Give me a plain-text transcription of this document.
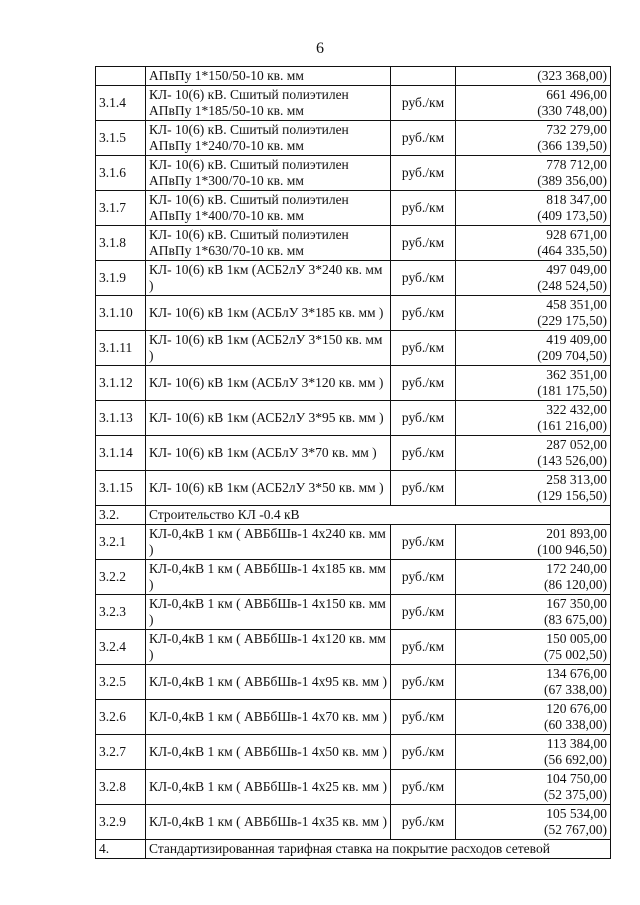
6
	АПвПу 1*150/50-10 кв. мм		(323 368,00)

3.1.4	КЛ- 10(6) кВ. Сшитый полиэтилен АПвПу 1*185/50-10 кв. мм	руб./км	661 496,00
(330 748,00)

3.1.5	КЛ- 10(6) кВ. Сшитый полиэтилен АПвПу 1*240/70-10 кв. мм	руб./км	732 279,00
(366 139,50)

3.1.6	КЛ- 10(6) кВ. Сшитый полиэтилен АПвПу 1*300/70-10 кв. мм	руб./км	778 712,00
(389 356,00)

3.1.7	КЛ- 10(6) кВ. Сшитый полиэтилен АПвПу 1*400/70-10 кв. мм	руб./км	818 347,00
(409 173,50)

3.1.8	КЛ- 10(6) кВ. Сшитый полиэтилен АПвПу 1*630/70-10 кв. мм	руб./км	928 671,00
(464 335,50)

3.1.9	КЛ- 10(6) кВ 1км (АСБ2лУ 3*240 кв. мм )	руб./км	497 049,00
(248 524,50)

3.1.10	КЛ- 10(6) кВ 1км (АСБлУ 3*185 кв. мм )	руб./км	458 351,00
(229 175,50)

3.1.11	КЛ- 10(6) кВ 1км (АСБ2лУ 3*150 кв. мм )	руб./км	419 409,00
(209 704,50)

3.1.12	КЛ- 10(6) кВ 1км (АСБлУ 3*120 кв. мм )	руб./км	362 351,00
(181 175,50)

3.1.13	КЛ- 10(6) кВ 1км (АСБ2лУ 3*95 кв. мм )	руб./км	322 432,00
(161 216,00)

3.1.14	КЛ- 10(6) кВ 1км (АСБлУ 3*70 кв. мм )	руб./км	287 052,00
(143 526,00)

3.1.15	КЛ- 10(6) кВ 1км (АСБ2лУ 3*50 кв. мм )	руб./км	258 313,00
(129 156,50)

3.2.	Строительство КЛ -0.4 кВ		
3.2.1	КЛ-0,4кВ 1 км ( АВБбШв-1 4х240 кв. мм )	руб./км	201 893,00
(100 946,50)

3.2.2	КЛ-0,4кВ 1 км ( АВБбШв-1 4х185 кв. мм )	руб./км	172 240,00
(86 120,00)

3.2.3	КЛ-0,4кВ 1 км ( АВБбШв-1 4х150 кв. мм )	руб./км	167 350,00
(83 675,00)

3.2.4	КЛ-0,4кВ 1 км ( АВБбШв-1 4х120 кв. мм )	руб./км	150 005,00
(75 002,50)

3.2.5	КЛ-0,4кВ 1 км ( АВБбШв-1 4х95 кв. мм )	руб./км	134 676,00
(67 338,00)

3.2.6	КЛ-0,4кВ 1 км ( АВБбШв-1 4х70 кв. мм )	руб./км	120 676,00
(60 338,00)

3.2.7	КЛ-0,4кВ 1 км ( АВБбШв-1 4х50 кв. мм )	руб./км	113 384,00
(56 692,00)

3.2.8	КЛ-0,4кВ 1 км ( АВБбШв-1 4х25 кв. мм )	руб./км	104 750,00
(52 375,00)

3.2.9	КЛ-0,4кВ 1 км ( АВБбШв-1 4х35 кв. мм )	руб./км	105 534,00
(52 767,00)

4.	Стандартизированная тарифная ставка на покрытие расходов сетевой		
